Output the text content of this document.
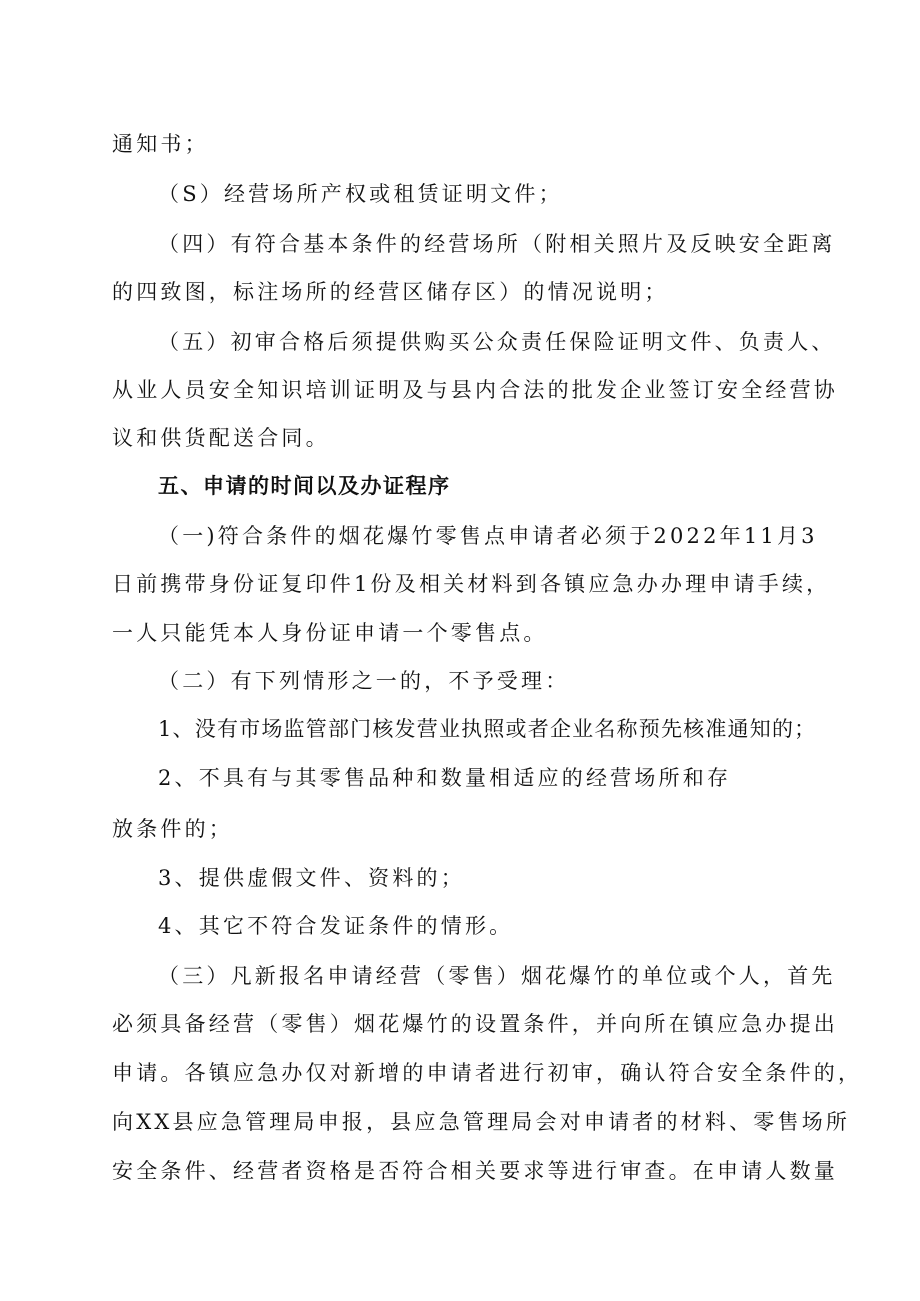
通知书；
（S）经营场所产权或租赁证明文件；
（四）有符合基本条件的经营场所（附相关照片及反映安全距离
的四致图，标注场所的经营区储存区）的情况说明；
（五）初审合格后须提供购买公众责任保险证明文件、负责人、
从业人员安全知识培训证明及与县内合法的批发企业签订安全经营协
议和供货配送合同。
五、申请的时间以及办证程序
（一)符合条件的烟花爆竹零售点申请者必须于2022年11月3
日前携带身份证复印件1份及相关材料到各镇应急办办理申请手续，
一人只能凭本人身份证申请一个零售点。
（二）有下列情形之一的，不予受理：
1、没有市场监管部门核发营业执照或者企业名称预先核准通知的；
2、不具有与其零售品种和数量相适应的经营场所和存
放条件的；
3、提供虚假文件、资料的；
4、其它不符合发证条件的情形。
（三）凡新报名申请经营（零售）烟花爆竹的单位或个人，首先
必须具备经营（零售）烟花爆竹的设置条件，并向所在镇应急办提出
申请。各镇应急办仅对新增的申请者进行初审，确认符合安全条件的，
向XX县应急管理局申报，县应急管理局会对申请者的材料、零售场所
安全条件、经营者资格是否符合相关要求等进行审查。在申请人数量
